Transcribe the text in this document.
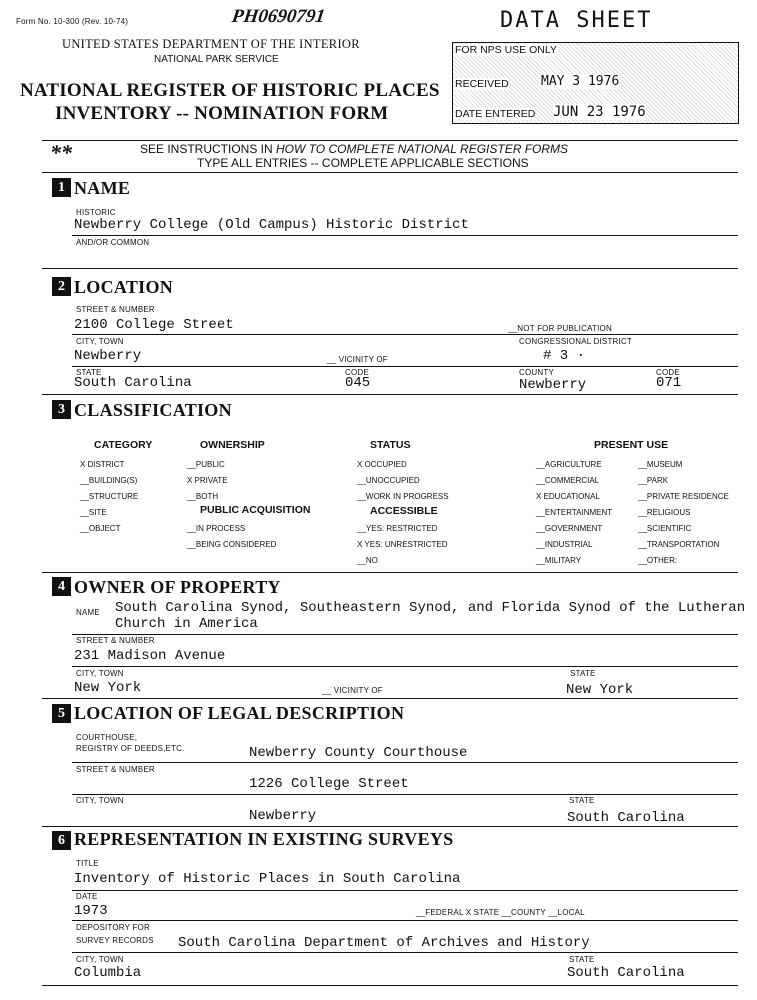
Form No. 10-300 (Rev. 10-74)	PH0690791	DATA SHEET
UNITED STATES DEPARTMENT OF THE INTERIOR
NATIONAL PARK SERVICE
NATIONAL REGISTER OF HISTORIC PLACES
INVENTORY -- NOMINATION FORM
FOR NPS USE ONLY
RECEIVED MAY 3 1976
DATE ENTERED JUN 23 1976
**	SEE INSTRUCTIONS IN HOW TO COMPLETE NATIONAL REGISTER FORMS
TYPE ALL ENTRIES -- COMPLETE APPLICABLE SECTIONS
1 NAME
HISTORIC
Newberry College (Old Campus) Historic District
AND/OR COMMON
2 LOCATION
STREET & NUMBER
2100 College Street	__NOT FOR PUBLICATION
CITY, TOWN	CONGRESSIONAL DISTRICT
Newberry	__ VICINITY OF	# 3 ·
STATE	CODE	COUNTY	CODE
South Carolina	045	Newberry	071
3 CLASSIFICATION
CATEGORY
X DISTRICT
__BUILDING(S)
__STRUCTURE
__SITE
__OBJECT
OWNERSHIP
__PUBLIC
X PRIVATE
__BOTH
PUBLIC ACQUISITION
__IN PROCESS
__BEING CONSIDERED
STATUS
X OCCUPIED
__UNOCCUPIED
__WORK IN PROGRESS
ACCESSIBLE
__YES: RESTRICTED
X YES: UNRESTRICTED
__NO
PRESENT USE
__AGRICULTURE
__COMMERCIAL
X EDUCATIONAL
__ENTERTAINMENT
__GOVERNMENT
__INDUSTRIAL
__MILITARY
__MUSEUM
__PARK
__PRIVATE RESIDENCE
__RELIGIOUS
__SCIENTIFIC
__TRANSPORTATION
__OTHER:
4 OWNER OF PROPERTY
NAME South Carolina Synod, Southeastern Synod, and Florida Synod of the Lutheran
Church in America
STREET & NUMBER
231 Madison Avenue
CITY, TOWN	STATE
New York	__ VICINITY OF	New York
5 LOCATION OF LEGAL DESCRIPTION
COURTHOUSE,
REGISTRY OF DEEDS,ETC.	Newberry County Courthouse
STREET & NUMBER
1226 College Street
CITY, TOWN	STATE
Newberry	South Carolina
6 REPRESENTATION IN EXISTING SURVEYS
TITLE
Inventory of Historic Places in South Carolina
DATE
1973	__FEDERAL X STATE __COUNTY __LOCAL
DEPOSITORY FOR
SURVEY RECORDS South Carolina Department of Archives and History
CITY, TOWN	STATE
Columbia	South Carolina
